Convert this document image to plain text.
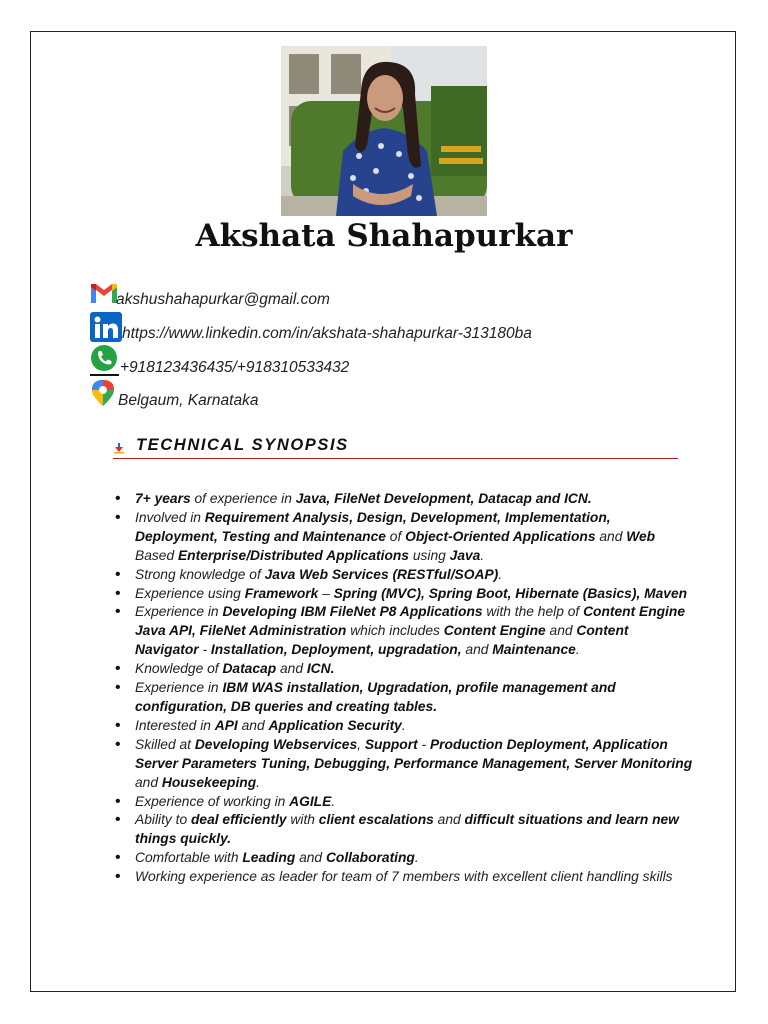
Akshata Shahapurkar
akshushahapurkar@gmail.com
https://www.linkedin.com/in/akshata-shahapurkar-313180ba
+918123436435/+918310533432
Belgaum, Karnataka
TECHNICAL SYNOPSIS
• 7+ years of experience in Java, FileNet Development, Datacap and ICN.
• Involved in Requirement Analysis, Design, Development, Implementation, Deployment, Testing and Maintenance of Object-Oriented Applications and Web Based Enterprise/Distributed Applications using Java.
• Strong knowledge of Java Web Services (RESTful/SOAP).
• Experience using Framework – Spring (MVC), Spring Boot, Hibernate (Basics), Maven
• Experience in Developing IBM FileNet P8 Applications with the help of Content Engine Java API, FileNet Administration which includes Content Engine and Content Navigator - Installation, Deployment, upgradation, and Maintenance.
• Knowledge of Datacap and ICN.
• Experience in IBM WAS installation, Upgradation, profile management and configuration, DB queries and creating tables.
• Interested in API and Application Security.
• Skilled at Developing Webservices, Support - Production Deployment, Application Server Parameters Tuning, Debugging, Performance Management, Server Monitoring and Housekeeping.
• Experience of working in AGILE.
• Ability to deal efficiently with client escalations and difficult situations and learn new things quickly.
• Comfortable with Leading and Collaborating.
• Working experience as leader for team of 7 members with excellent client handling skills
